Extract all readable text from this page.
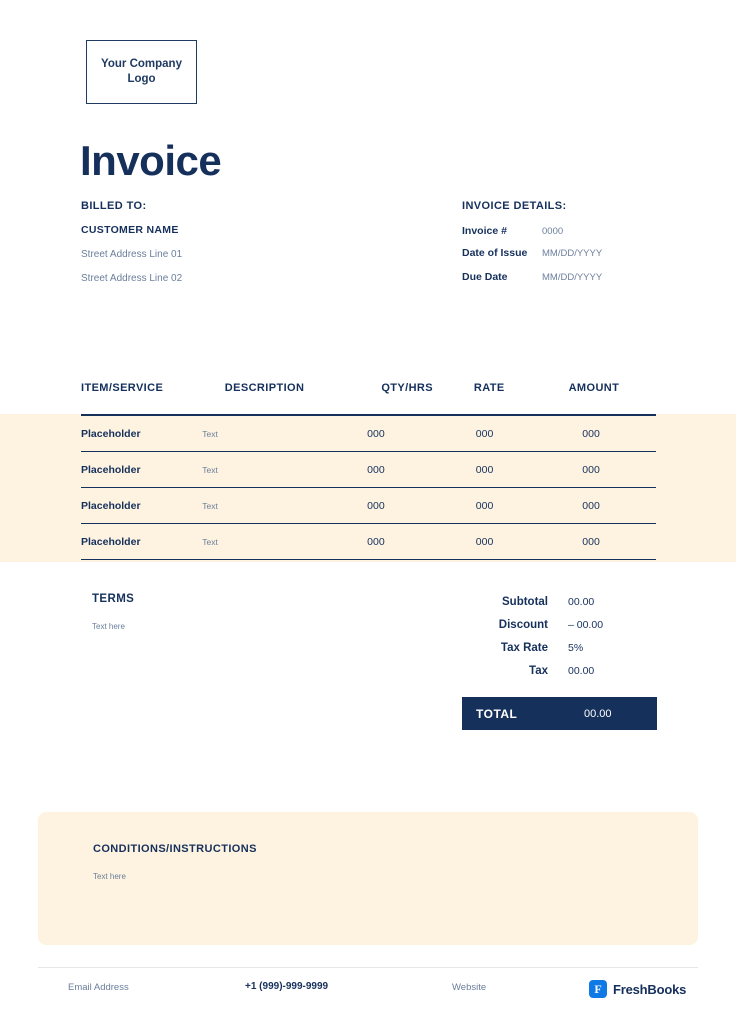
Your Company
Logo
Invoice
BILLED TO:
CUSTOMER NAME
Street Address Line 01
Street Address Line 02
INVOICE DETAILS:
Invoice #	0000
Date of Issue MM/DD/YYYY
Due Date	MM/DD/YYYY
ITEM/SERVICE	DESCRIPTION	QTY/HRS	RATE	AMOUNT
Placeholder	Text	000	000	000
Placeholder	Text	000	000	000
Placeholder	Text	000	000	000
Placeholder	Text	000	000	000
TERMS
Text here
Subtotal	00.00
Discount	– 00.00
Tax Rate	5%
Tax	00.00
TOTAL	00.00
CONDITIONS/INSTRUCTIONS
Text here
Email Address	+1 (999)-999-9999	Website	F FreshBooks
